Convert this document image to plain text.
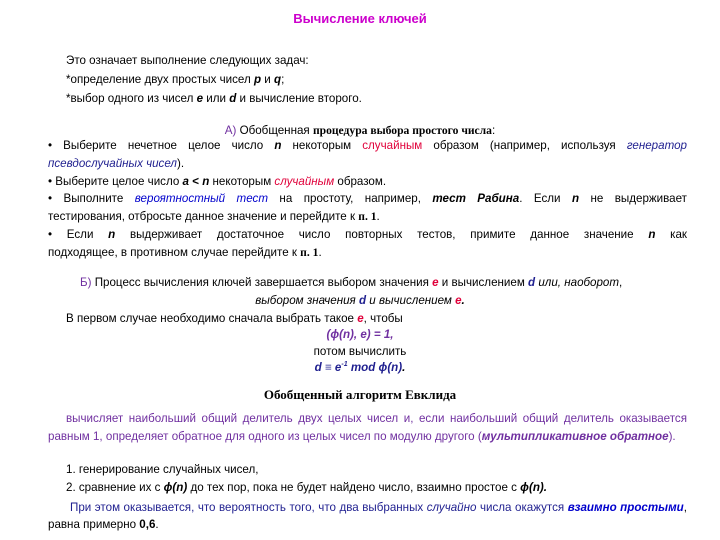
Вычисление ключей
Это означает выполнение следующих задач:
*определение двух простых чисел p и q;
*выбор одного из чисел e или d и вычисление второго.
А) Обобщенная процедура выбора простого числа:
• Выберите нечетное целое число n некоторым случайным образом (например, используя генератор
псевдослучайных чисел).
• Выберите целое число a < n некоторым случайным образом.
• Выполните вероятностный тест на простоту, например, тест Рабина. Если n не выдерживает
тестирования, отбросьте данное значение и перейдите к п. 1.
• Если n выдерживает достаточное число повторных тестов, примите данное значение n как
подходящее, в противном случае перейдите к п. 1.
Б) Процесс вычисления ключей завершается выбором значения e и вычислением d или, наоборот,
выбором значения d и вычислением e.
В первом случае необходимо сначала выбрать такое e, чтобы
(ϕ(n), e) = 1,
потом вычислить
$d \equiv e^{-1}$ mod ϕ(n).
Обобщенный алгоритм Евклида
вычисляет наибольший общий делитель двух целых чисел и, если наибольший общий делитель оказывается равным 1, определяет обратное для одного из целых чисел по модулю другого (мультипликативное обратное).
1. генерирование случайных чисел,
2. сравнение их с ϕ(n) до тех пор, пока не будет найдено число, взаимно простое с ϕ(n).
При этом оказывается, что вероятность того, что два выбранных случайно числа окажутся взаимно простыми, равна примерно 0,6.
